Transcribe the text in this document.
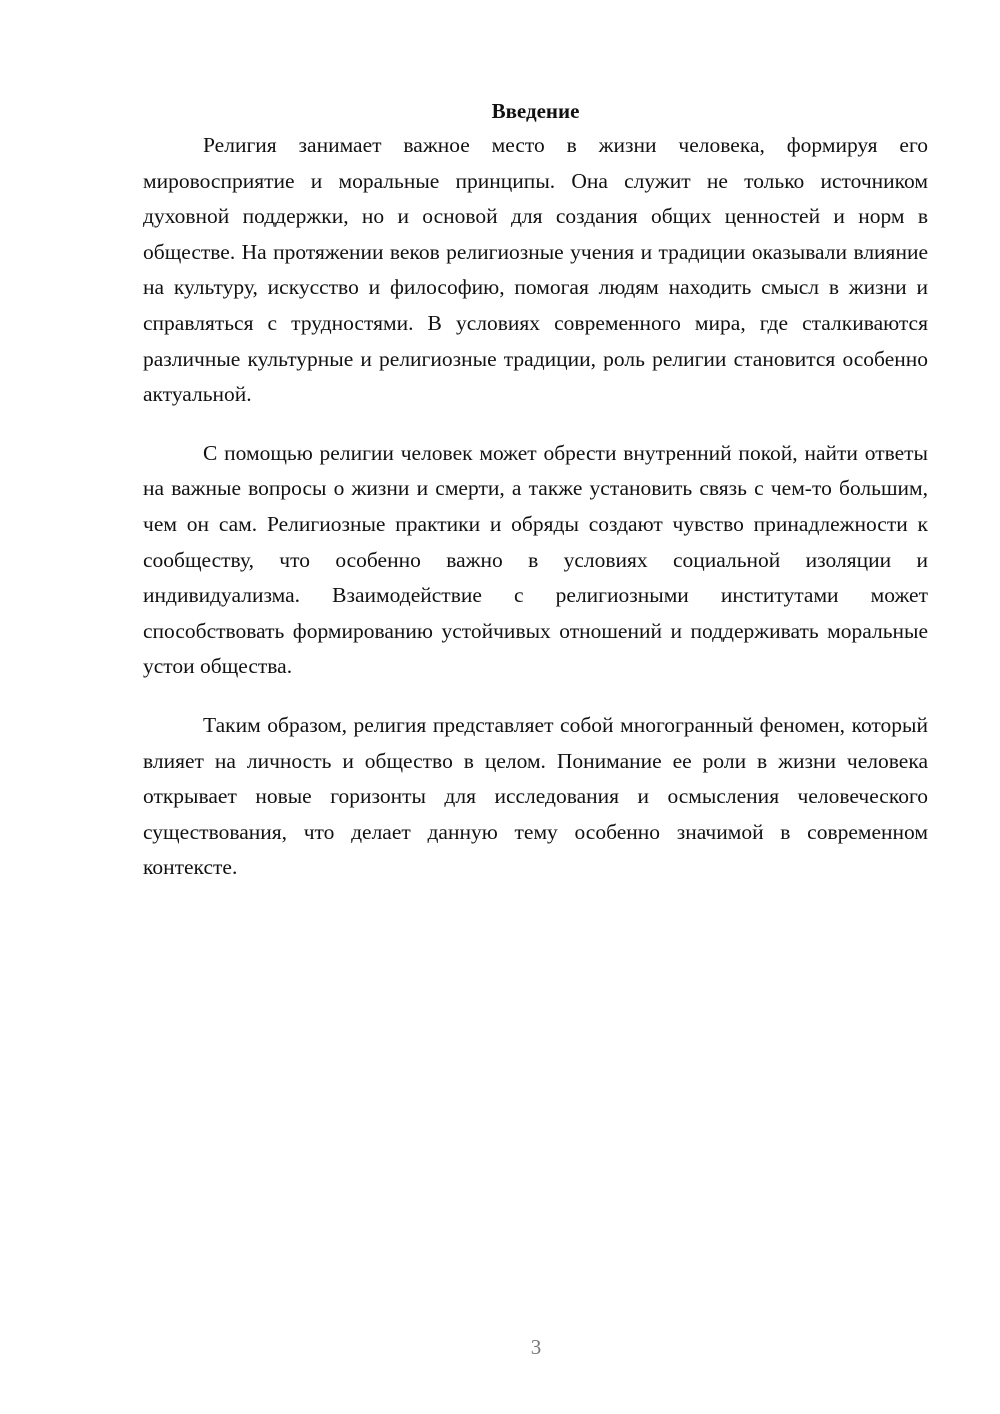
Введение

Религия занимает важное место в жизни человека, формируя его мировосприятие и моральные принципы. Она служит не только источником духовной поддержки, но и основой для создания общих ценностей и норм в обществе. На протяжении веков религиозные учения и традиции оказывали влияние на культуру, искусство и философию, помогая людям находить смысл в жизни и справляться с трудностями. В условиях современного мира, где сталкиваются различные культурные и религиозные традиции, роль религии становится особенно актуальной.

С помощью религии человек может обрести внутренний покой, найти ответы на важные вопросы о жизни и смерти, а также установить связь с чем-то большим, чем он сам. Религиозные практики и обряды создают чувство принадлежности к сообществу, что особенно важно в условиях социальной изоляции и индивидуализма. Взаимодействие с религиозными институтами может способствовать формированию устойчивых отношений и поддерживать моральные устои общества.

Таким образом, религия представляет собой многогранный феномен, который влияет на личность и общество в целом. Понимание ее роли в жизни человека открывает новые горизонты для исследования и осмысления человеческого существования, что делает данную тему особенно значимой в современном контексте.

3
